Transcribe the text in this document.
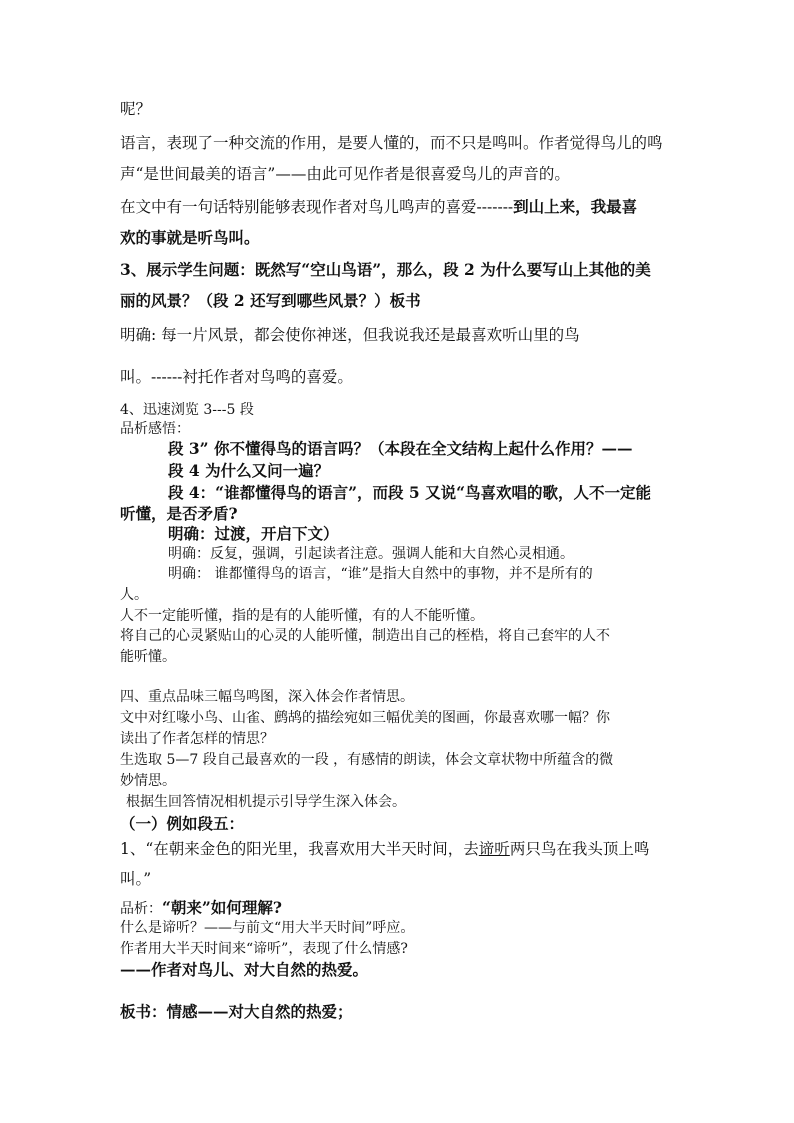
呢？
语言，表现了一种交流的作用，是要人懂的，而不只是鸣叫。作者觉得鸟儿的鸣
声“是世间最美的语言”——由此可见作者是很喜爱鸟儿的声音的。
在文中有一句话特别能够表现作者对鸟儿鸣声的喜爱-------到山上来，我最喜
欢的事就是听鸟叫。
3、展示学生问题：既然写“空山鸟语”，那么，段 2 为什么要写山上其他的美
丽的风景？（段 2 还写到哪些风景？）板书
明确: 每一片风景，都会使你神迷，但我说我还是最喜欢听山里的鸟
叫。------衬托作者对鸟鸣的喜爱。
4、迅速浏览 3---5 段
品析感悟：
段 3” 你不懂得鸟的语言吗？（本段在全文结构上起什么作用？——
段 4 为什么又问一遍？
段 4：“谁都懂得鸟的语言”，而段 5 又说“鸟喜欢唱的歌，人不一定能
听懂，是否矛盾?
明确：过渡，开启下文）
明确：反复，强调，引起读者注意。强调人能和大自然心灵相通。
明确： 谁都懂得鸟的语言，“谁”是指大自然中的事物，并不是所有的
人。
人不一定能听懂，指的是有的人能听懂，有的人不能听懂。
将自己的心灵紧贴山的心灵的人能听懂，制造出自己的桎梏，将自己套牢的人不
能听懂。
四、重点品味三幅鸟鸣图，深入体会作者情思。
文中对红喙小鸟、山雀、鹧鸪的描绘宛如三幅优美的图画，你最喜欢哪一幅？你
读出了作者怎样的情思？
生选取 5—7 段自己最喜欢的一段 ，有感情的朗读，体会文章状物中所蕴含的微
妙情思。
根据生回答情况相机提示引导学生深入体会。
（一）例如段五：
1、“在朝来金色的阳光里，我喜欢用大半天时间，去谛听两只鸟在我头顶上鸣
叫。”
品析：“朝来”如何理解?
什么是谛听？——与前文“用大半天时间”呼应。
作者用大半天时间来“谛听”，表现了什么情感?
——作者对鸟儿、对大自然的热爱。
板书：情感——对大自然的热爱；
